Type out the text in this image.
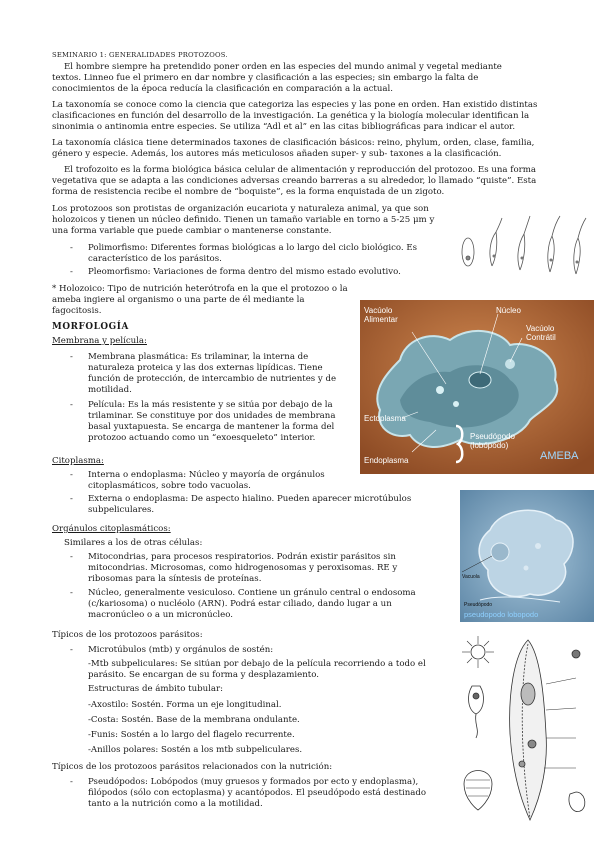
SEMINARIO 1: GENERALIDADES PROTOZOOS.
El hombre siempre ha pretendido poner orden en las especies del mundo animal y vegetal mediante
textos. Linneo fue el primero en dar nombre y clasificación a las especies; sin embargo la falta de
conocimientos de la época reducía la clasificación en comparación a la actual.
La taxonomía se conoce como la ciencia que categoriza las especies y las pone en orden. Han existido distintas
clasificaciones en función del desarrollo de la investigación. La genética y la biología molecular identifican la
sinonimia o antinomia entre especies. Se utiliza “Adl et al” en las citas bibliográficas para indicar el autor.
La taxonomía clásica tiene determinados taxones de clasificación básicos: reino, phylum, orden, clase, familia,
género y especie. Además, los autores más meticulosos añaden super- y sub- taxones a la clasificación.
El trofozoito es la forma biológica básica celular de alimentación y reproducción del protozoo. Es una forma
vegetativa que se adapta a las condiciones adversas creando barreras a su alrededor, lo llamado “quiste”. Esta
forma de resistencia recibe el nombre de “boquiste”, es la forma enquistada de un zigoto.
Los protozoos son protistas de organización eucariota y naturaleza animal, ya que son
holozoicos y tienen un núcleo definido. Tienen un tamaño variable en torno a 5-25 μm y
una forma variable que puede cambiar o mantenerse constante.
- Polimorfismo: Diferentes formas biológicas a lo largo del ciclo biológico. Es
característico de los parásitos.
- Pleomorfismo: Variaciones de forma dentro del mismo estado evolutivo.
* Holozoico: Tipo de nutrición heterótrofa en la que el protozoo o la
ameba ingiere al organismo o una parte de él mediante la
fagocitosis.	Vacúolo
Alimentar
Núcleo
Vacúolo
Contrátil
Ectoplasma
Pseudópodo
(lobópodo)
Endoplasma	AMEBA
MORFOLOGÍA
Membrana y película:
- Membrana plasmática: Es trilaminar, la interna de
naturaleza proteica y las dos externas lipídicas. Tiene
función de protección, de intercambio de nutrientes y de
motilidad.
- Película: Es la más resistente y se sitúa por debajo de la
trilaminar. Se constituye por dos unidades de membrana
basal yuxtapuesta. Se encarga de mantener la forma del
protozoo actuando como un “exoesqueleto” interior.
Citoplasma:
- Interna o endoplasma: Núcleo y mayoría de orgánulos
citoplasmáticos, sobre todo vacuolas.
- Externa o endoplasma: De aspecto hialino. Pueden aparecer microtúbulos
subpeliculares.
Vacuola
Pseudópodo
pseudopodo lobopodo
Orgánulos citoplasmáticos:
Similares a los de otras células:
- Mitocondrias, para procesos respiratorios. Podrán existir parásitos sin
mitocondrias. Microsomas, como hidrogenosomas y peroxisomas. RE y
ribosomas para la síntesis de proteínas.
- Núcleo, generalmente vesiculoso. Contiene un gránulo central o endosoma
(c/kariosoma) o nucléolo (ARN). Podrá estar ciliado, dando lugar a un
macronúcleo o a un micronúcleo.
Típicos de los protozoos parásitos:
- Microtúbulos (mtb) y orgánulos de sostén:
-Mtb subpeliculares: Se sitúan por debajo de la película recorriendo a todo el
parásito. Se encargan de su forma y desplazamiento.
Estructuras de ámbito tubular:
-Axostilo: Sostén. Forma un eje longitudinal.
-Costa: Sostén. Base de la membrana ondulante.
-Funis: Sostén a lo largo del flagelo recurrente.
-Anillos polares: Sostén a los mtb subpeliculares.
Típicos de los protozoos parásitos relacionados con la nutrición:
- Pseudópodos: Lobópodos (muy gruesos y formados por ecto y endoplasma),
filópodos (sólo con ectoplasma) y acantópodos. El pseudópodo está destinado
tanto a la nutrición como a la motilidad.
